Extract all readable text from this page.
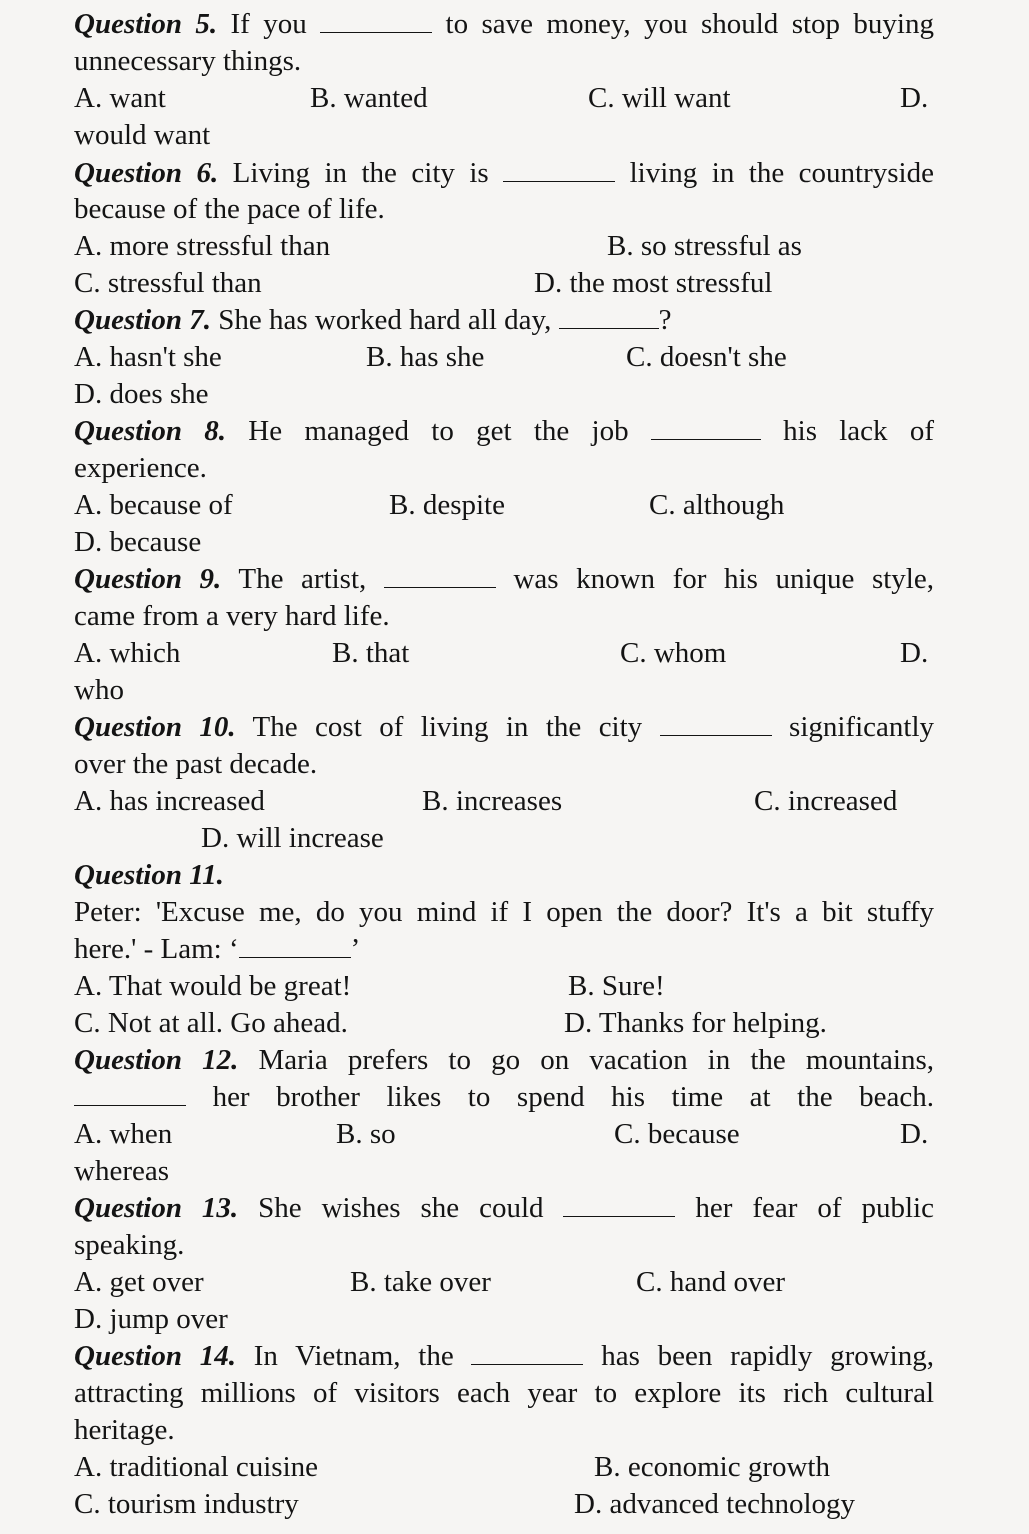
Question 5. If you	to save money, you should stop buying
unnecessary things.
A. want	B. wanted	C. will want	D.
would want
Question 6. Living in the city is	living in the countryside
because of the pace of life.
A. more stressful than	B. so stressful as
C. stressful than	D. the most stressful
Question 7. She has worked hard all day,	?
A. hasn't she	B. has she	C. doesn't she
D. does she
Question 8. He managed to get the job	his lack of
experience.
A. because of	B. despite	C. although
D. because
Question 9. The artist,	was known for his unique style,
came from a very hard life.
A. which	B. that	C. whom	D.
who
Question 10. The cost of living in the city	significantly
over the past decade.
A. has increased	B. increases	C. increased
D. will increase
Question 11.
Peter: 'Excuse me, do you mind if I open the door? It's a bit stuffy
here.' - Lam: ‘	’
A. That would be great!	B. Sure!
C. Not at all. Go ahead.	D. Thanks for helping.
Question 12. Maria prefers to go on vacation in the mountains,
her brother likes to spend his time at the beach.
A. when	B. so	C. because	D.
whereas
Question 13. She wishes she could	her fear of public
speaking.
A. get over	B. take over	C. hand over
D. jump over
Question 14. In Vietnam, the	has been rapidly growing,
attracting millions of visitors each year to explore its rich cultural
heritage.
A. traditional cuisine	B. economic growth
C. tourism industry	D. advanced technology
